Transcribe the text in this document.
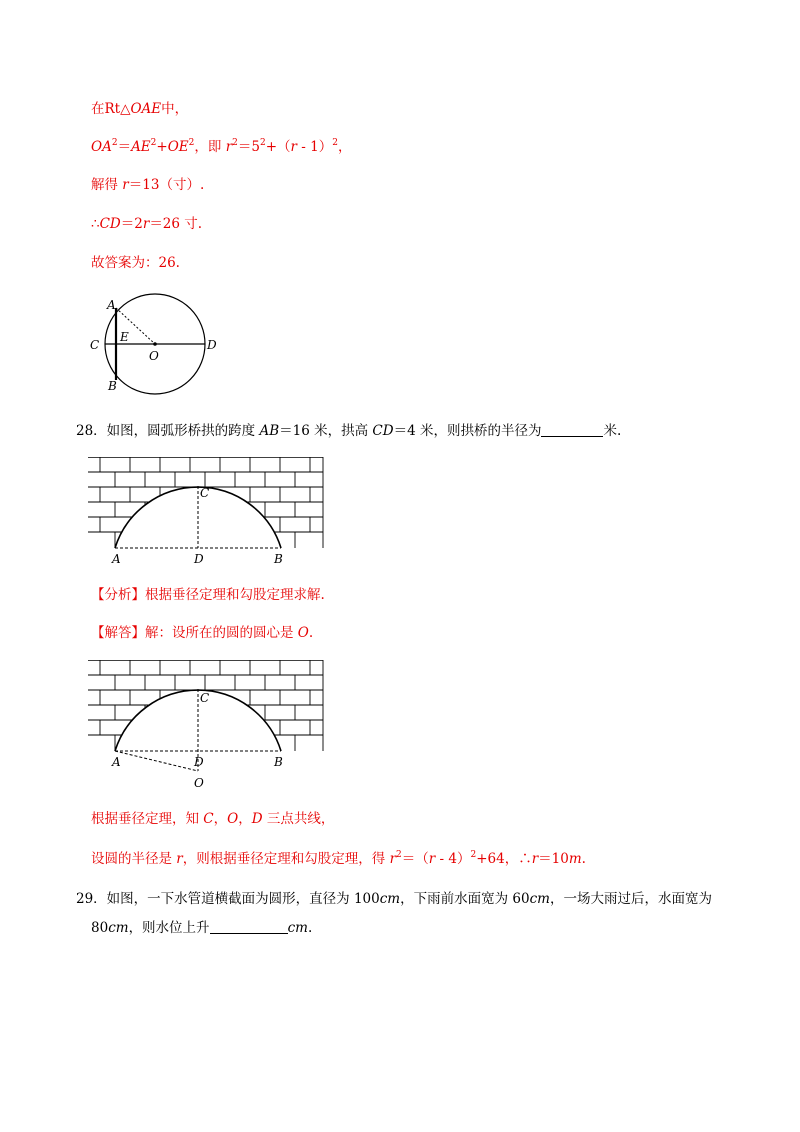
在Rt△OAE中，
$OA^2=AE^2+OE^2$，即 $r^2=5^2+(r - 1)^2$，
解得 r＝13（寸）.
∴CD＝2r＝26 寸.
故答案为：26.
A
E
C
O
D
B
28．如图，圆弧形桥拱的跨度 AB＝16 米，拱高 CD＝4 米，则拱桥的半径为	米.
C
A	D	B
【分析】根据垂径定理和勾股定理求解.
【解答】解：设所在的圆的圆心是 O.
C
A	D	B
O
根据垂径定理，知 C，O，D 三点共线，
设圆的半径是 r，则根据垂径定理和勾股定理，得 $r^2=(r - 4)^2+64$，∴r＝10m.
29．如图，一下水管道横截面为圆形，直径为 100cm，下雨前水面宽为 60cm，一场大雨过后，水面宽为
80cm，则水位上升	cm.
